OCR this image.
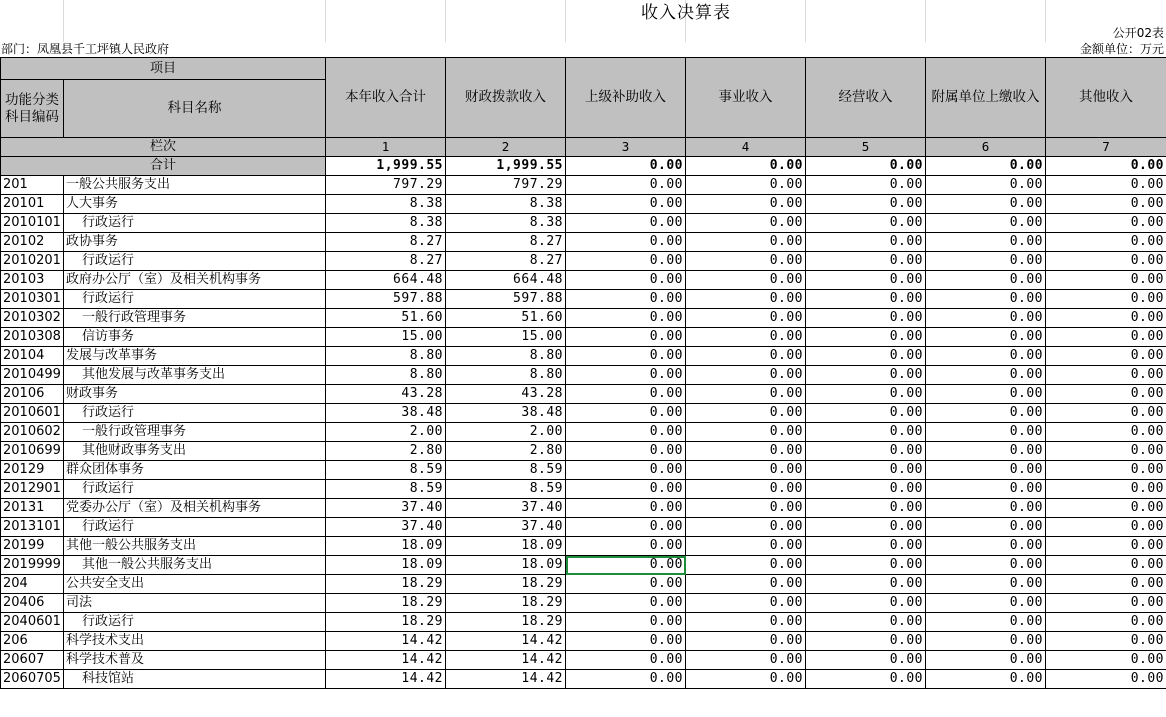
收入决算表
公开02表
部门：凤凰县千工坪镇人民政府	金额单位：万元
项目		本年收入合计	财政拨款收入	上级补助收入	事业收入	经营收入	附属单位上缴收入	其他收入
功能分类科目编码	科目名称							
栏次		1	2	3	4	5	6	7
合计		1,999.55	1,999.55	0.00	0.00	0.00	0.00	0.00
201	一般公共服务支出	797.29	797.29	0.00	0.00	0.00	0.00	0.00
20101	人大事务	8.38	8.38	0.00	0.00	0.00	0.00	0.00
2010101	行政运行	8.38	8.38	0.00	0.00	0.00	0.00	0.00
20102	政协事务	8.27	8.27	0.00	0.00	0.00	0.00	0.00
2010201	行政运行	8.27	8.27	0.00	0.00	0.00	0.00	0.00
20103	政府办公厅（室）及相关机构事务	664.48	664.48	0.00	0.00	0.00	0.00	0.00
2010301	行政运行	597.88	597.88	0.00	0.00	0.00	0.00	0.00
2010302	一般行政管理事务	51.60	51.60	0.00	0.00	0.00	0.00	0.00
2010308	信访事务	15.00	15.00	0.00	0.00	0.00	0.00	0.00
20104	发展与改革事务	8.80	8.80	0.00	0.00	0.00	0.00	0.00
2010499	其他发展与改革事务支出	8.80	8.80	0.00	0.00	0.00	0.00	0.00
20106	财政事务	43.28	43.28	0.00	0.00	0.00	0.00	0.00
2010601	行政运行	38.48	38.48	0.00	0.00	0.00	0.00	0.00
2010602	一般行政管理事务	2.00	2.00	0.00	0.00	0.00	0.00	0.00
2010699	其他财政事务支出	2.80	2.80	0.00	0.00	0.00	0.00	0.00
20129	群众团体事务	8.59	8.59	0.00	0.00	0.00	0.00	0.00
2012901	行政运行	8.59	8.59	0.00	0.00	0.00	0.00	0.00
20131	党委办公厅（室）及相关机构事务	37.40	37.40	0.00	0.00	0.00	0.00	0.00
2013101	行政运行	37.40	37.40	0.00	0.00	0.00	0.00	0.00
20199	其他一般公共服务支出	18.09	18.09	0.00	0.00	0.00	0.00	0.00
2019999	其他一般公共服务支出	18.09	18.09	0.00	0.00	0.00	0.00	0.00
204	公共安全支出	18.29	18.29	0.00	0.00	0.00	0.00	0.00
20406	司法	18.29	18.29	0.00	0.00	0.00	0.00	0.00
2040601	行政运行	18.29	18.29	0.00	0.00	0.00	0.00	0.00
206	科学技术支出	14.42	14.42	0.00	0.00	0.00	0.00	0.00
20607	科学技术普及	14.42	14.42	0.00	0.00	0.00	0.00	0.00
2060705	科技馆站	14.42	14.42	0.00	0.00	0.00	0.00	0.00
